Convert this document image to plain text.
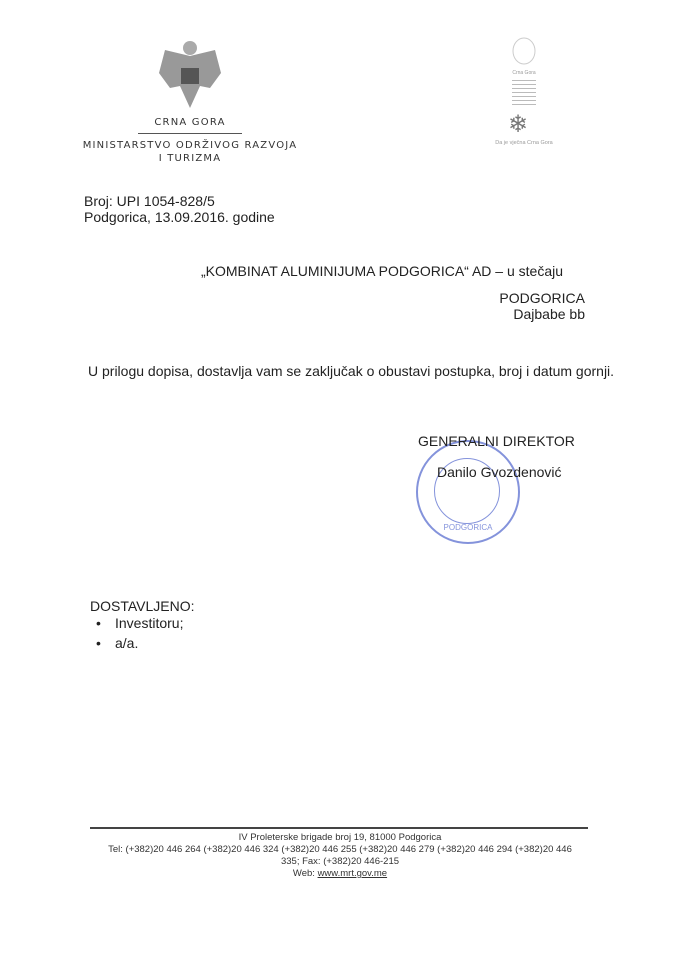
CRNA GORA
MINISTARSTVO ODRŽIVOG RAZVOJA
I TURIZMA
Crna Gora
❄
Da je vječna Crna Gora
Broj: UPI 1054-828/5
Podgorica, 13.09.2016. godine
„KOMBINAT ALUMINIJUMA PODGORICA“ AD – u stečaju
PODGORICA
Dajbabe bb
U prilogu dopisa, dostavlja vam se zaključak o obustavi postupka, broj i datum gornji.
PODGORICA
GENERALNI DIREKTOR
Danilo Gvozdenović
DOSTAVLJENO:
• Investitoru;
• a/a.
IV Proleterske brigade broj 19, 81000 Podgorica
Tel: (+382)20 446 264 (+382)20 446 324 (+382)20 446 255 (+382)20 446 279 (+382)20 446 294 (+382)20 446
335; Fax: (+382)20 446-215
Web: www.mrt.gov.me
